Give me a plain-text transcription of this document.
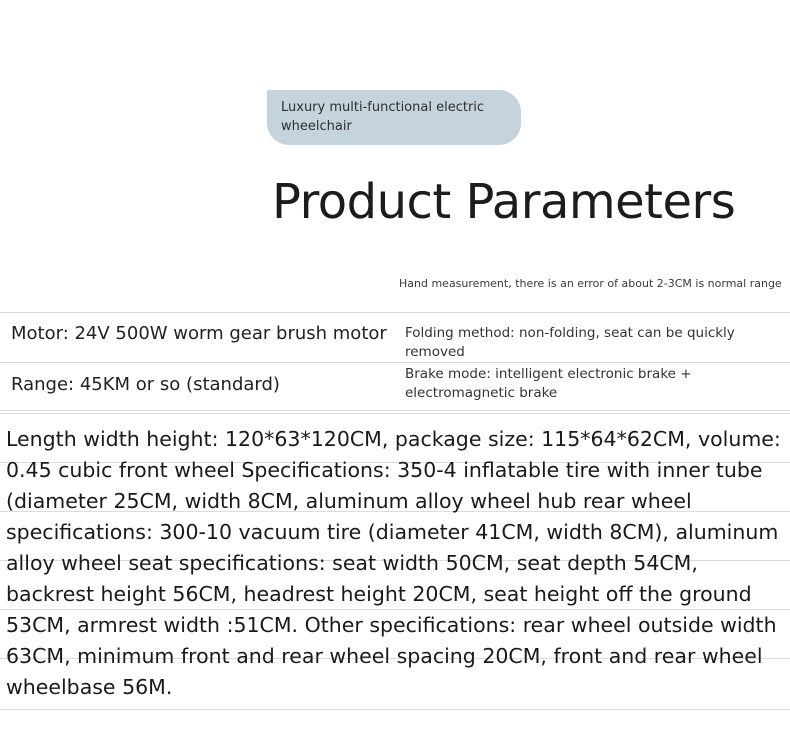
Luxury multi-functional electric wheelchair
Product Parameters
Hand measurement, there is an error of about 2-3CM is normal range
Motor: 24V 500W worm gear brush motor Folding method: non-folding, seat can be quickly removed
Range: 45KM or so (standard)	Brake mode: intelligent electronic brake + electromagnetic brake
Length width height: 120*63*120CM, package size: 115*64*62CM, volume: 0.45 cubic front wheel Specifications: 350-4 inflatable tire with inner tube (diameter 25CM, width 8CM, aluminum alloy wheel hub rear wheel specifications: 300-10 vacuum tire (diameter 41CM, width 8CM), aluminum alloy wheel seat specifications: seat width 50CM, seat depth 54CM, backrest height 56CM, headrest height 20CM, seat height off the ground 53CM, armrest width :51CM. Other specifications: rear wheel outside width 63CM, minimum front and rear wheel spacing 20CM, front and rear wheel wheelbase 56M.
